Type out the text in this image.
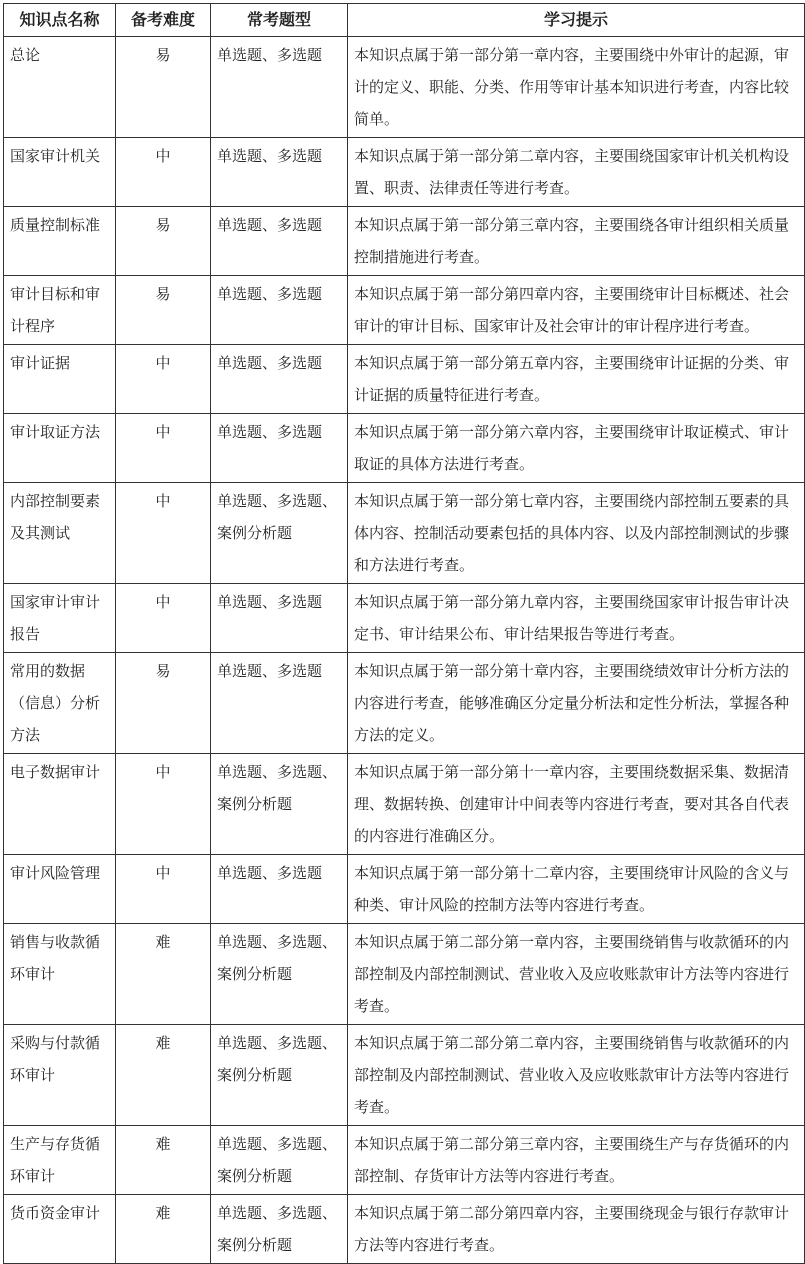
知识点名称	备考难度	常考题型	学习提示
总论	易	单选题、多选题	本知识点属于第一部分第一章内容，主要围绕中外审计的起源，审计的定义、职能、分类、作用等审计基本知识进行考查，内容比较简单。
国家审计机关	中	单选题、多选题	本知识点属于第一部分第二章内容，主要围绕国家审计机关机构设置、职责、法律责任等进行考查。
质量控制标准	易	单选题、多选题	本知识点属于第一部分第三章内容，主要围绕各审计组织相关质量控制措施进行考查。
审计目标和审计程序	易	单选题、多选题	本知识点属于第一部分第四章内容，主要围绕审计目标概述、社会审计的审计目标、国家审计及社会审计的审计程序进行考查。
审计证据	中	单选题、多选题	本知识点属于第一部分第五章内容，主要围绕审计证据的分类、审计证据的质量特征进行考查。
审计取证方法	中	单选题、多选题	本知识点属于第一部分第六章内容，主要围绕审计取证模式、审计取证的具体方法进行考查。
内部控制要素及其测试	中	单选题、多选题、案例分析题	本知识点属于第一部分第七章内容，主要围绕内部控制五要素的具体内容、控制活动要素包括的具体内容、以及内部控制测试的步骤和方法进行考查。
国家审计审计报告	中	单选题、多选题	本知识点属于第一部分第九章内容，主要围绕国家审计报告审计决定书、审计结果公布、审计结果报告等进行考查。
常用的数据（信息）分析方法	易	单选题、多选题	本知识点属于第一部分第十章内容，主要围绕绩效审计分析方法的内容进行考查，能够准确区分定量分析法和定性分析法，掌握各种方法的定义。
电子数据审计	中	单选题、多选题、案例分析题	本知识点属于第一部分第十一章内容，主要围绕数据采集、数据清理、数据转换、创建审计中间表等内容进行考查，要对其各自代表的内容进行准确区分。
审计风险管理	中	单选题、多选题	本知识点属于第一部分第十二章内容，主要围绕审计风险的含义与种类、审计风险的控制方法等内容进行考查。
销售与收款循环审计	难	单选题、多选题、案例分析题	本知识点属于第二部分第一章内容，主要围绕销售与收款循环的内部控制及内部控制测试、营业收入及应收账款审计方法等内容进行考查。
采购与付款循环审计	难	单选题、多选题、案例分析题	本知识点属于第二部分第二章内容，主要围绕销售与收款循环的内部控制及内部控制测试、营业收入及应收账款审计方法等内容进行考查。
生产与存货循环审计	难	单选题、多选题、案例分析题	本知识点属于第二部分第三章内容，主要围绕生产与存货循环的内部控制、存货审计方法等内容进行考查。
货币资金审计	难	单选题、多选题、案例分析题	本知识点属于第二部分第四章内容，主要围绕现金与银行存款审计方法等内容进行考查。
